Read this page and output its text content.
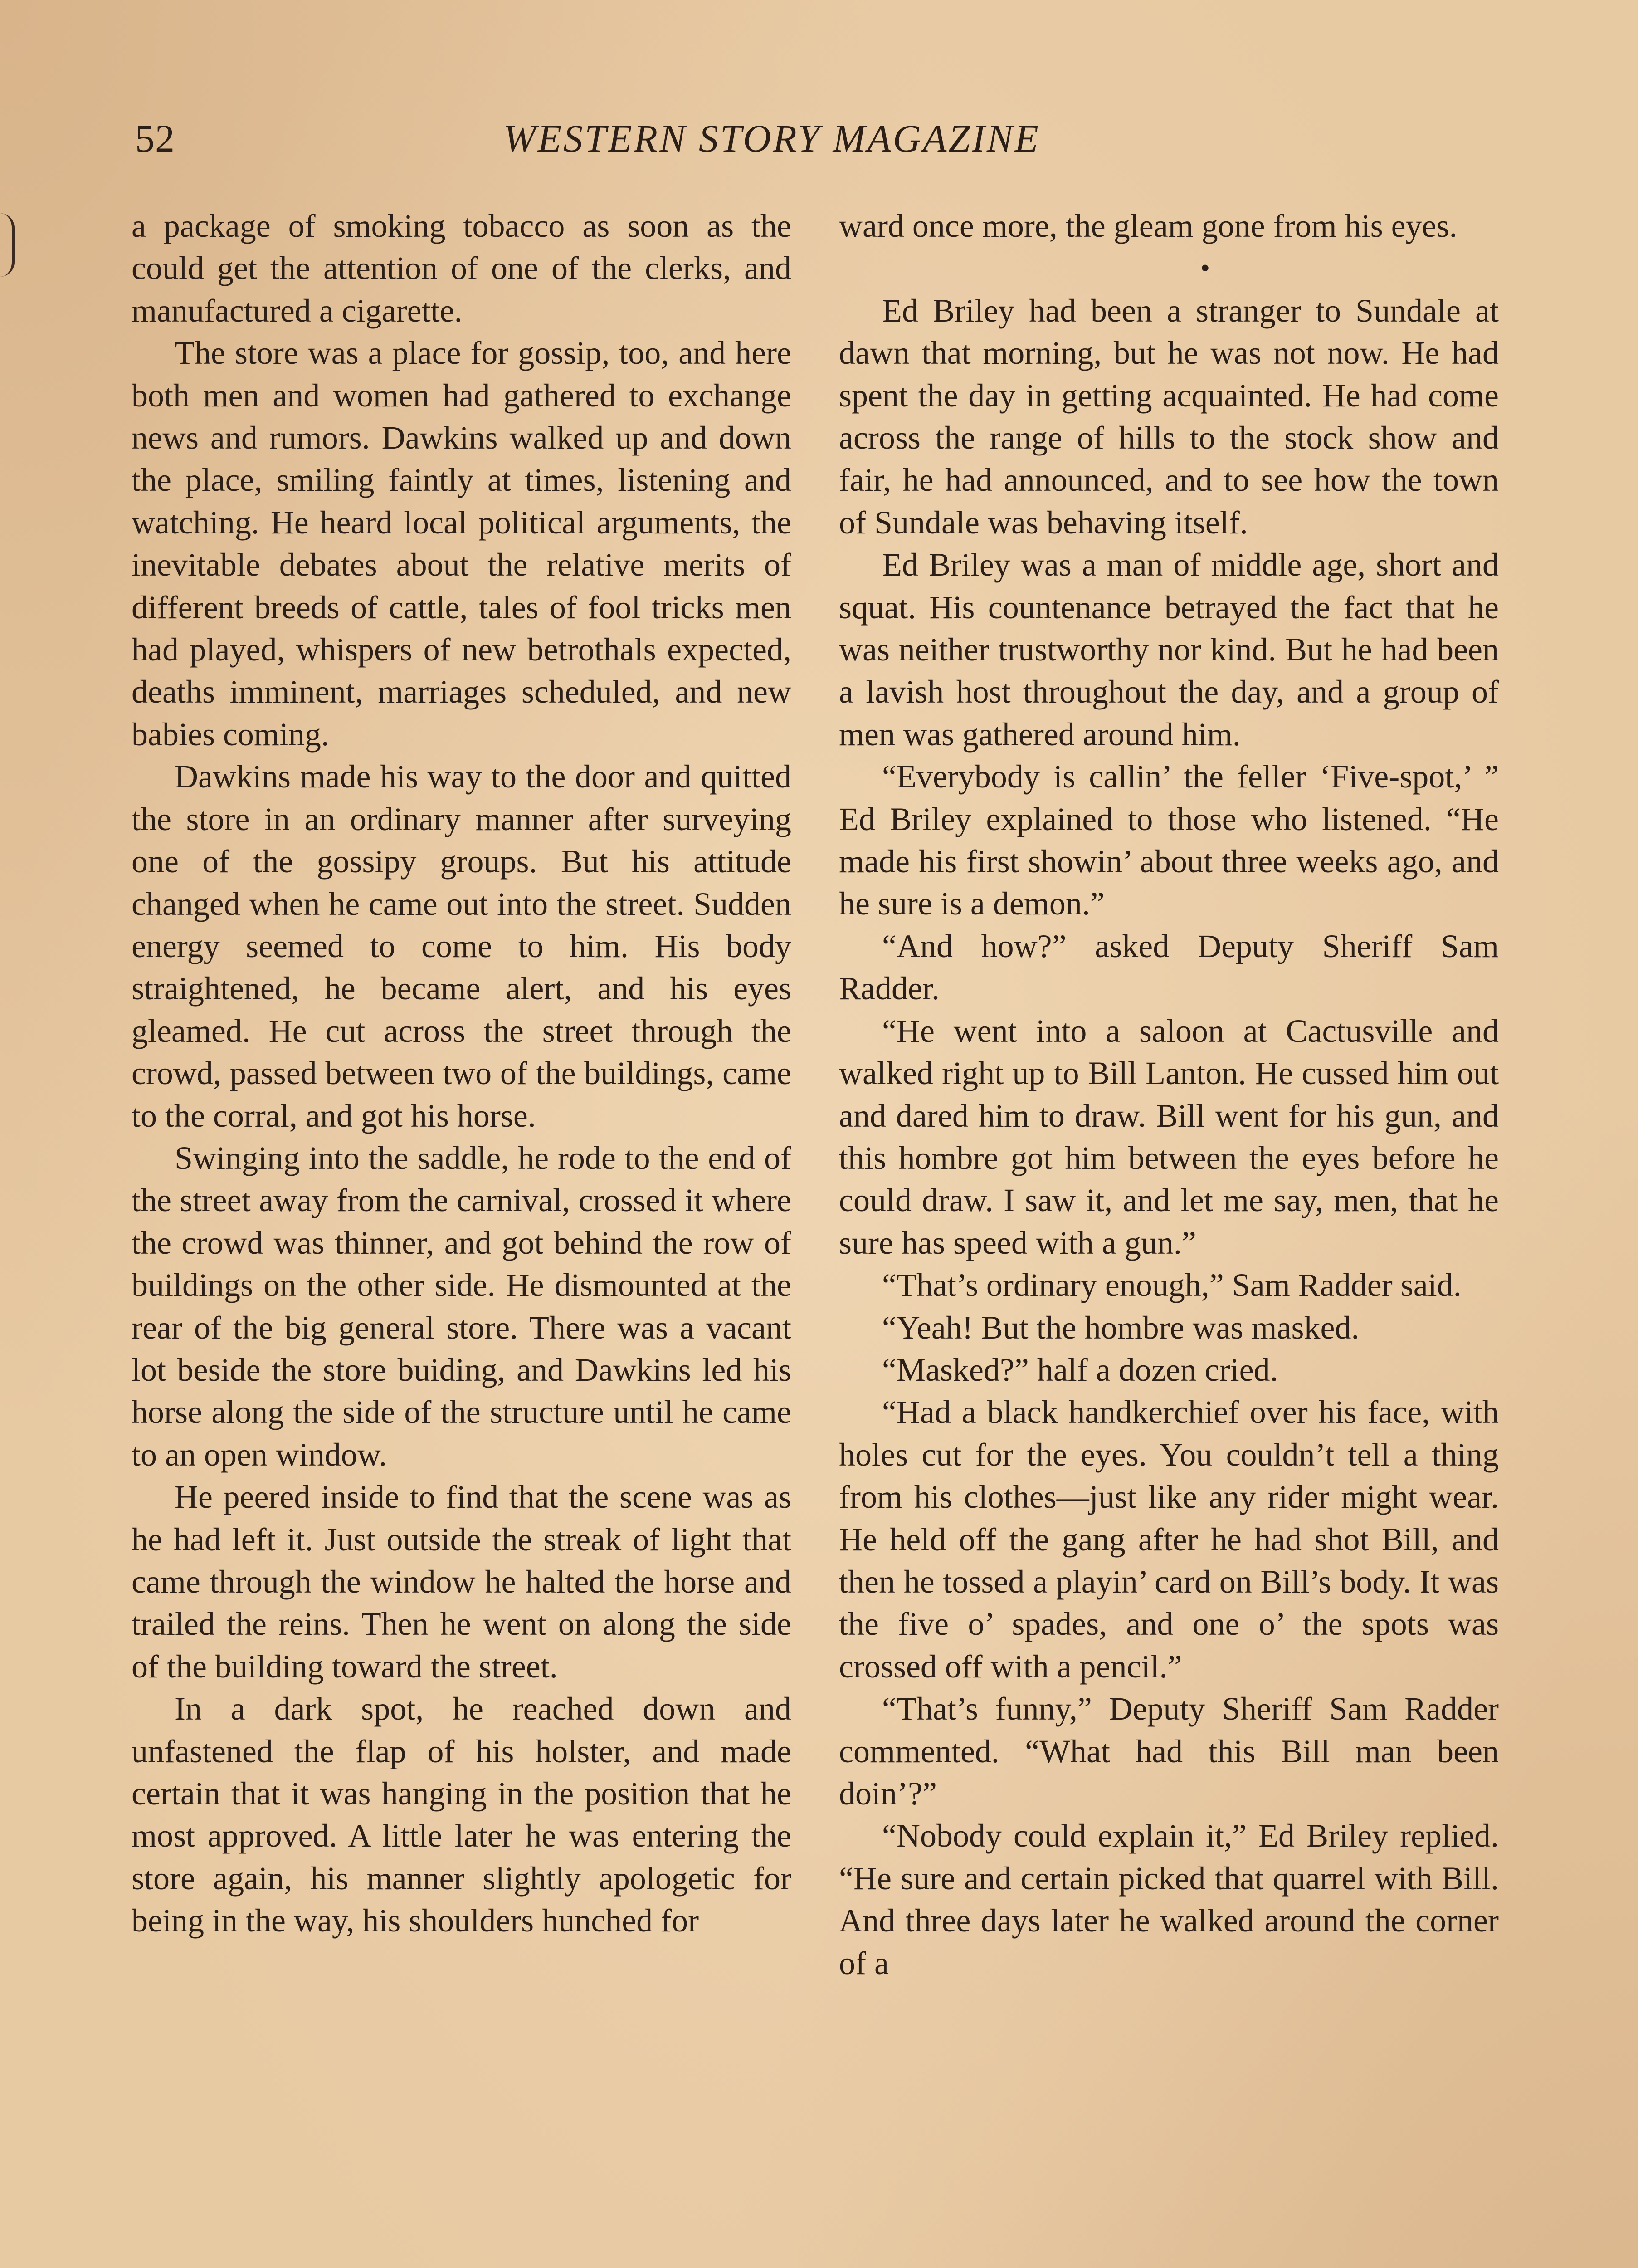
52	WESTERN STORY MAGAZINE

a package of smoking tobacco as soon as the could get the attention of one of the clerks, and manufactured a cigarette.

The store was a place for gossip, too, and here both men and women had gathered to exchange news and rumors. Dawkins walked up and down the place, smiling faintly at times, listening and watching. He heard local political arguments, the inevitable debates about the relative merits of different breeds of cattle, tales of fool tricks men had played, whispers of new betrothals expected, deaths imminent, marriages scheduled, and new babies coming.

Dawkins made his way to the door and quitted the store in an ordinary manner after surveying one of the gossipy groups. But his attitude changed when he came out into the street. Sudden energy seemed to come to him. His body straightened, he became alert, and his eyes gleamed. He cut across the street through the crowd, passed between two of the buildings, came to the corral, and got his horse.

Swinging into the saddle, he rode to the end of the street away from the carnival, crossed it where the crowd was thinner, and got behind the row of buildings on the other side. He dismounted at the rear of the big general store. There was a vacant lot beside the store buiding, and Dawkins led his horse along the side of the structure until he came to an open window.

He peered inside to find that the scene was as he had left it. Just outside the streak of light that came through the window he halted the horse and trailed the reins. Then he went on along the side of the building toward the street.

In a dark spot, he reached down and unfastened the flap of his holster, and made certain that it was hanging in the position that he most approved. A little later he was entering the store again, his manner slightly apologetic for being in the way, his shoulders hunched for

ward once more, the gleam gone from his eyes.

•

Ed Briley had been a stranger to Sundale at dawn that morning, but he was not now. He had spent the day in getting acquainted. He had come across the range of hills to the stock show and fair, he had announced, and to see how the town of Sundale was behaving itself.

Ed Briley was a man of middle age, short and squat. His countenance betrayed the fact that he was neither trustworthy nor kind. But he had been a lavish host throughout the day, and a group of men was gathered around him.

“Everybody is callin’ the feller ‘Five-spot,’ ” Ed Briley explained to those who listened. “He made his first showin’ about three weeks ago, and he sure is a demon.”

“And how?” asked Deputy Sheriff Sam Radder.

“He went into a saloon at Cactusville and walked right up to Bill Lanton. He cussed him out and dared him to draw. Bill went for his gun, and this hombre got him between the eyes before he could draw. I saw it, and let me say, men, that he sure has speed with a gun.”

“That’s ordinary enough,” Sam Radder said.

“Yeah! But the hombre was masked.

“Masked?” half a dozen cried.

“Had a black handkerchief over his face, with holes cut for the eyes. You couldn’t tell a thing from his clothes—just like any rider might wear. He held off the gang after he had shot Bill, and then he tossed a playin’ card on Bill’s body. It was the five o’ spades, and one o’ the spots was crossed off with a pencil.”

“That’s funny,” Deputy Sheriff Sam Radder commented. “What had this Bill man been doin’?”

“Nobody could explain it,” Ed Briley replied. “He sure and certain picked that quarrel with Bill. And three days later he walked around the corner of a
